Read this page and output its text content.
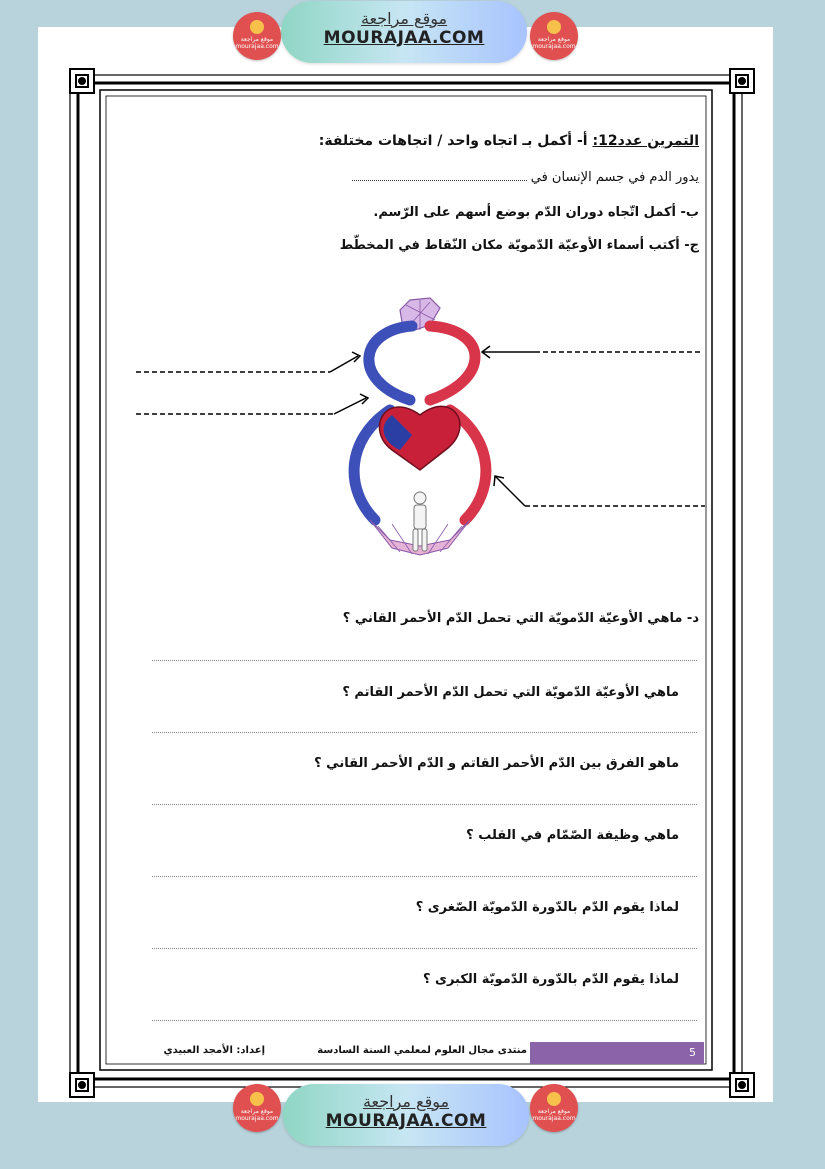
موقع مراجعة
MOURAJAA.COM
موقع مراجعة
MOURAJAA.COM
موقع مراجعة mourajaa.com
موقع مراجعة mourajaa.com
موقع مراجعة mourajaa.com
موقع مراجعة mourajaa.com
التمرين عدد12: أ- أكمل بـ اتجاه واحد / اتجاهات مختلفة:
يدور الدم في جسم الإنسان في
ب- أكمل اتّجاه دوران الدّم بوضع أسهم على الرّسم.
ج- أكتب أسماء الأوعيّة الدّمويّة مكان النّقاط في المخطّط
د- ماهي الأوعيّة الدّمويّة التي تحمل الدّم الأحمر القاني ؟
ماهي الأوعيّة الدّمويّة التي تحمل الدّم الأحمر القاتم ؟
ماهو الفرق بين الدّم الأحمر القاتم و الدّم الأحمر القاني ؟
ماهي وظيفة الصّمّام في القلب ؟
لماذا يقوم الدّم بالدّورة الدّمويّة الصّغرى ؟
لماذا يقوم الدّم بالدّورة الدّمويّة الكبرى ؟
منتدى مجال العلوم لمعلمي السنة السادسة
إعداد: الأمجد العبيدي	5
